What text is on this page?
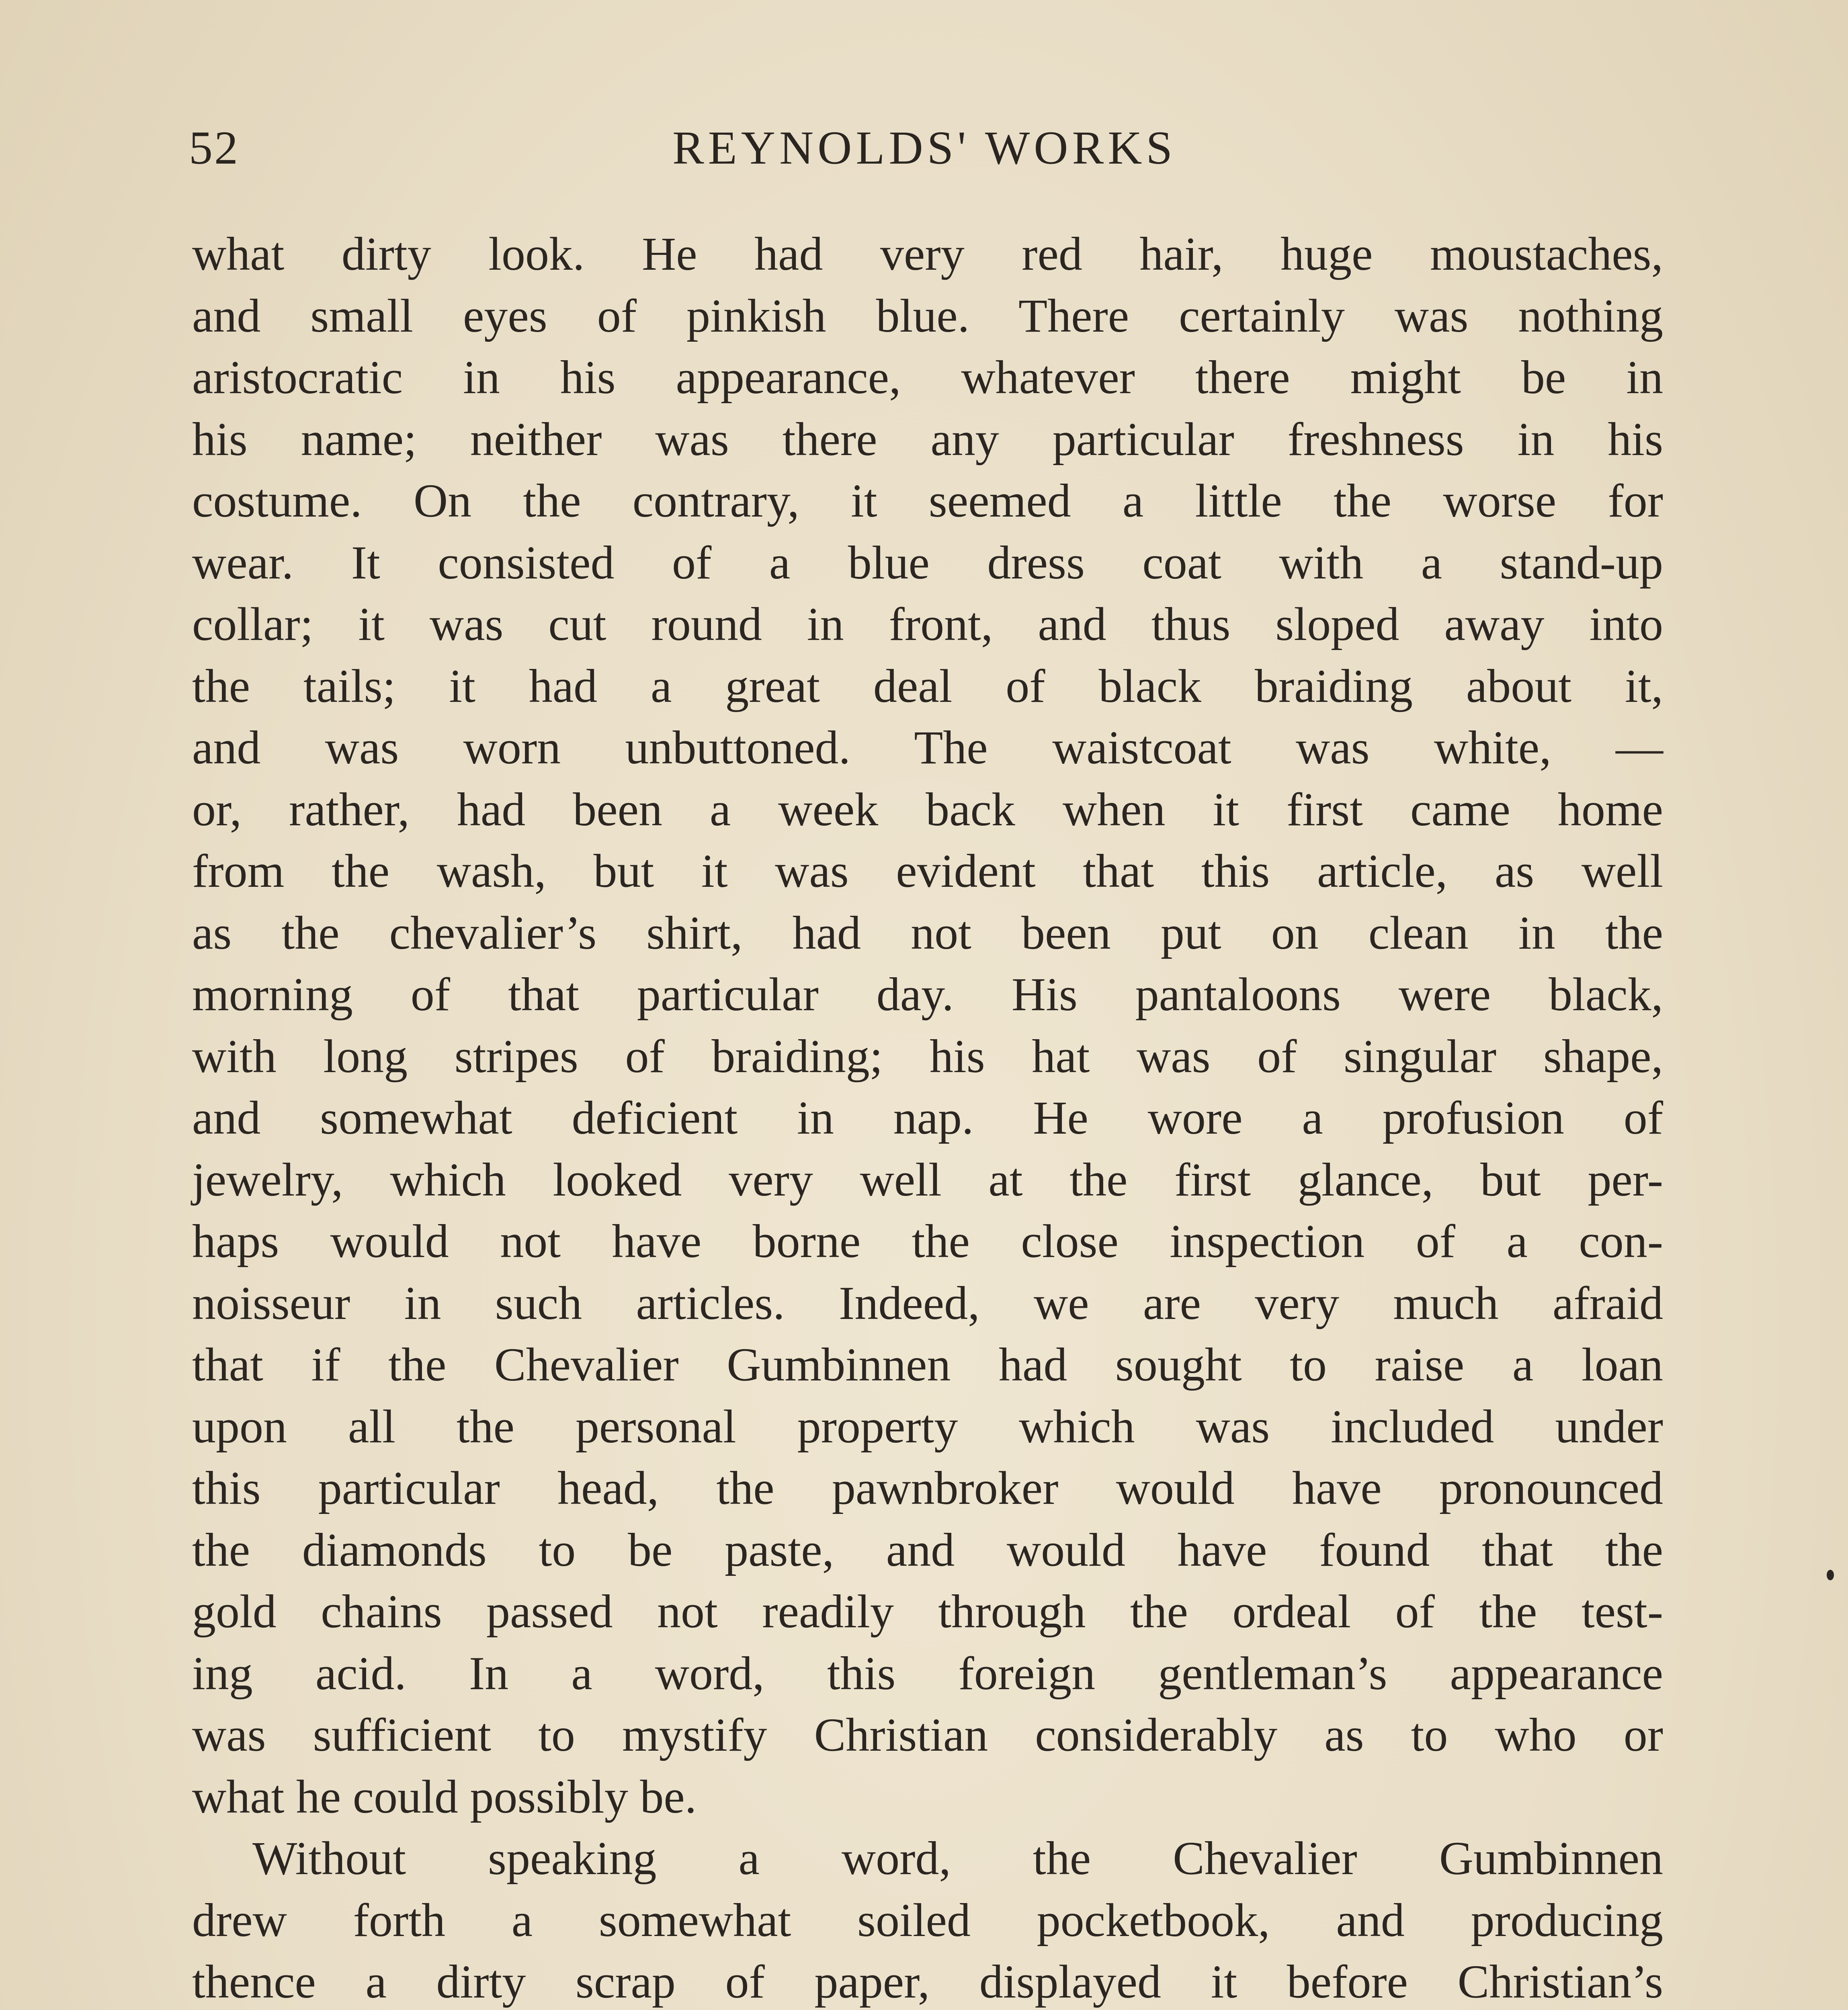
52	REYNOLDS' WORKS
what dirty look. He had very red hair, huge moustaches,
and small eyes of pinkish blue. There certainly was nothing
aristocratic in his appearance, whatever there might be in
his name; neither was there any particular freshness in his
costume. On the contrary, it seemed a little the worse for
wear. It consisted of a blue dress coat with a stand-up
collar; it was cut round in front, and thus sloped away into
the tails; it had a great deal of black braiding about it,
and was worn unbuttoned. The waistcoat was white, —
or, rather, had been a week back when it first came home
from the wash, but it was evident that this article, as well
as the chevalier’s shirt, had not been put on clean in the
morning of that particular day. His pantaloons were black,
with long stripes of braiding; his hat was of singular shape,
and somewhat deficient in nap. He wore a profusion of
jewelry, which looked very well at the first glance, but per-
haps would not have borne the close inspection of a con-
noisseur in such articles. Indeed, we are very much afraid
that if the Chevalier Gumbinnen had sought to raise a loan
upon all the personal property which was included under
this particular head, the pawnbroker would have pronounced
the diamonds to be paste, and would have found that the
gold chains passed not readily through the ordeal of the test-
ing acid. In a word, this foreign gentleman’s appearance
was sufficient to mystify Christian considerably as to who or
what he could possibly be.
Without speaking a word, the Chevalier Gumbinnen
drew forth a somewhat soiled pocketbook, and producing
thence a dirty scrap of paper, displayed it before Christian’s
